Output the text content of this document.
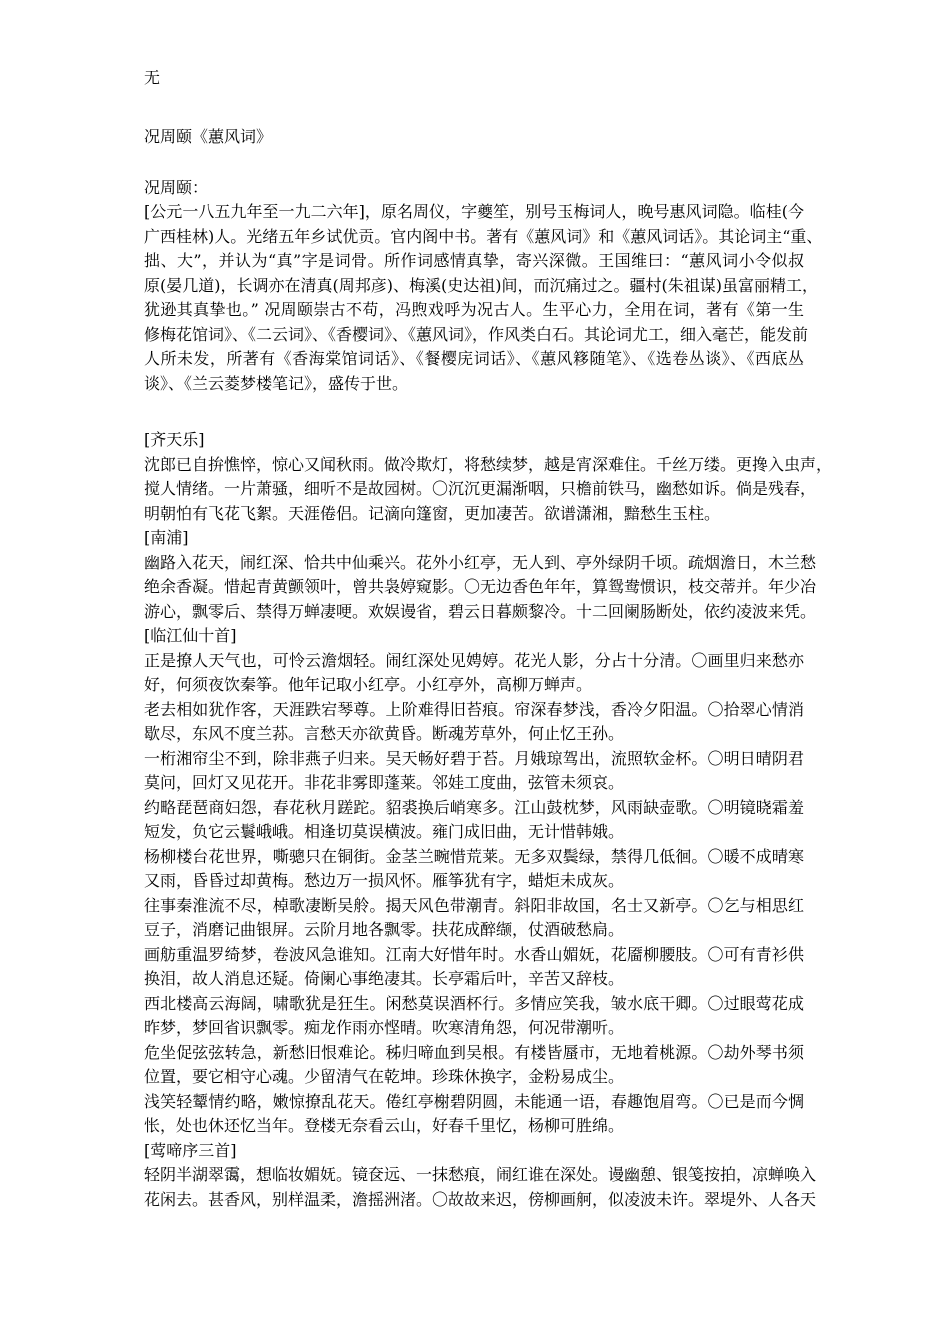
无

况周颐《蕙风词》

况周颐：

[公元一八五九年至一九二六年]，原名周仪，字夔笙，别号玉梅词人，晚号惠风词隐。临桂(今
广西桂林)人。光绪五年乡试优贡。官内阁中书。著有《蕙风词》和《蕙风词话》。其论词主“重、
拙、大”，并认为“真”字是词骨。所作词感情真挚，寄兴深微。王国维曰：“蕙风词小令似叔
原(晏几道)，长调亦在清真(周邦彦)、梅溪(史达祖)间，而沉痛过之。疆村(朱祖谋)虽富丽精工，
犹逊其真挚也。” 况周颐崇古不苟，冯煦戏呼为况古人。生平心力，全用在词，著有《第一生
修梅花馆词》、《二云词》、《香樱词》、《蕙风词》，作风类白石。其论词尤工，细入毫芒，能发前
人所未发，所著有《香海棠馆词话》、《餐樱庑词话》、《蕙风簃随笔》、《选卷丛谈》、《西底丛
谈》、《兰云菱梦楼笔记》，盛传于世。
[齐天乐]
沈郎已自拚憔悴，惊心又闻秋雨。做冷欺灯，将愁续梦，越是宵深难住。千丝万缕。更搀入虫声，
搅人情绪。一片萧骚，细听不是故园树。〇沉沉更漏渐咽，只檐前铁马，幽愁如诉。倘是残春，
明朝怕有飞花飞絮。天涯倦侣。记滴向篷窗，更加凄苦。欲谱潇湘，黯愁生玉柱。
[南浦]
幽路入花天，闹红深、恰共中仙乘兴。花外小红亭，无人到、亭外绿阴千顷。疏烟澹日，木兰愁
绝余香凝。惜起青黄颤领叶，曾共袅婷窥影。〇无边香色年年，算鸳鸯惯识，枝交蒂并。年少冶
游心，飘零后、禁得万蝉凄哽。欢娱谩省，碧云日暮颇黎冷。十二回阑肠断处，依约凌波来凭。
[临江仙十首]
正是撩人天气也，可怜云澹烟轻。闹红深处见娉婷。花光人影，分占十分清。〇画里归来愁亦
好，何须夜饮秦筝。他年记取小红亭。小红亭外，高柳万蝉声。
老去相如犹作客，天涯跌宕琴尊。上阶难得旧苔痕。帘深春梦浅，香冷夕阳温。〇拾翠心情消
歇尽，东风不度兰荪。言愁天亦欲黄昏。断魂芳草外，何止忆王孙。
一桁湘帘尘不到，除非燕子归来。吴天畅好碧于苔。月娥琼驾出，流照软金杯。〇明日晴阴君
莫问，回灯又见花开。非花非雾即蓬莱。邻娃工度曲，弦管未须哀。
约略琵琶商妇怨，春花秋月蹉跎。貂裘换后峭寒多。江山鼓枕梦，风雨缺壶歌。〇明镜晓霜羞
短发，负它云鬟峨峨。相逢切莫误横波。雍门成旧曲，无计惜韩娥。
杨柳楼台花世界，嘶骢只在铜街。金茎兰畹惜荒莱。无多双鬓绿，禁得几低徊。〇暖不成晴寒
又雨，昏昏过却黄梅。愁边万一损风怀。雁筝犹有字，蜡炬未成灰。
往事秦淮流不尽，棹歌凄断吴舲。揭天风色带潮青。斜阳非故国，名士又新亭。〇乞与相思红
豆子，消磨记曲银屏。云阶月地各飘零。扶花成醉缬，仗酒破愁扃。
画舫重温罗绮梦，卷波风急谁知。江南大好惜年时。水香山媚妩，花靥柳腰肢。〇可有青衫供
换泪，故人消息还疑。倚阑心事绝凄其。长亭霜后叶，辛苦又辞枝。
西北楼高云海阔，啸歌犹是狂生。闲愁莫误酒杯行。多情应笑我，皱水底干卿。〇过眼莺花成
昨梦，梦回省识飘零。痴龙作雨亦悭晴。吹寒清角怨，何况带潮听。
危坐促弦弦转急，新愁旧恨难论。秭归啼血到吴根。有楼皆蜃市，无地着桃源。〇劫外琴书须
位置，要它相守心魂。少留清气在乾坤。珍珠休换字，金粉易成尘。
浅笑轻颦情约略，嫩惊撩乱花天。倦红亭榭碧阴圆，未能通一语，春趣饱眉弯。〇已是而今惆
怅，处也休还忆当年。登楼无奈看云山，好春千里忆，杨柳可胜绵。
[莺啼序三首]
轻阴半湖翠霭，想临妆媚妩。镜奁远、一抹愁痕，闹红谁在深处。谩幽憩、银笺按拍，凉蝉唤入
花闲去。甚香风，别样温柔，澹摇洲渚。〇故故来迟，傍柳画舸，似凌波未许。翠堤外、人各天
